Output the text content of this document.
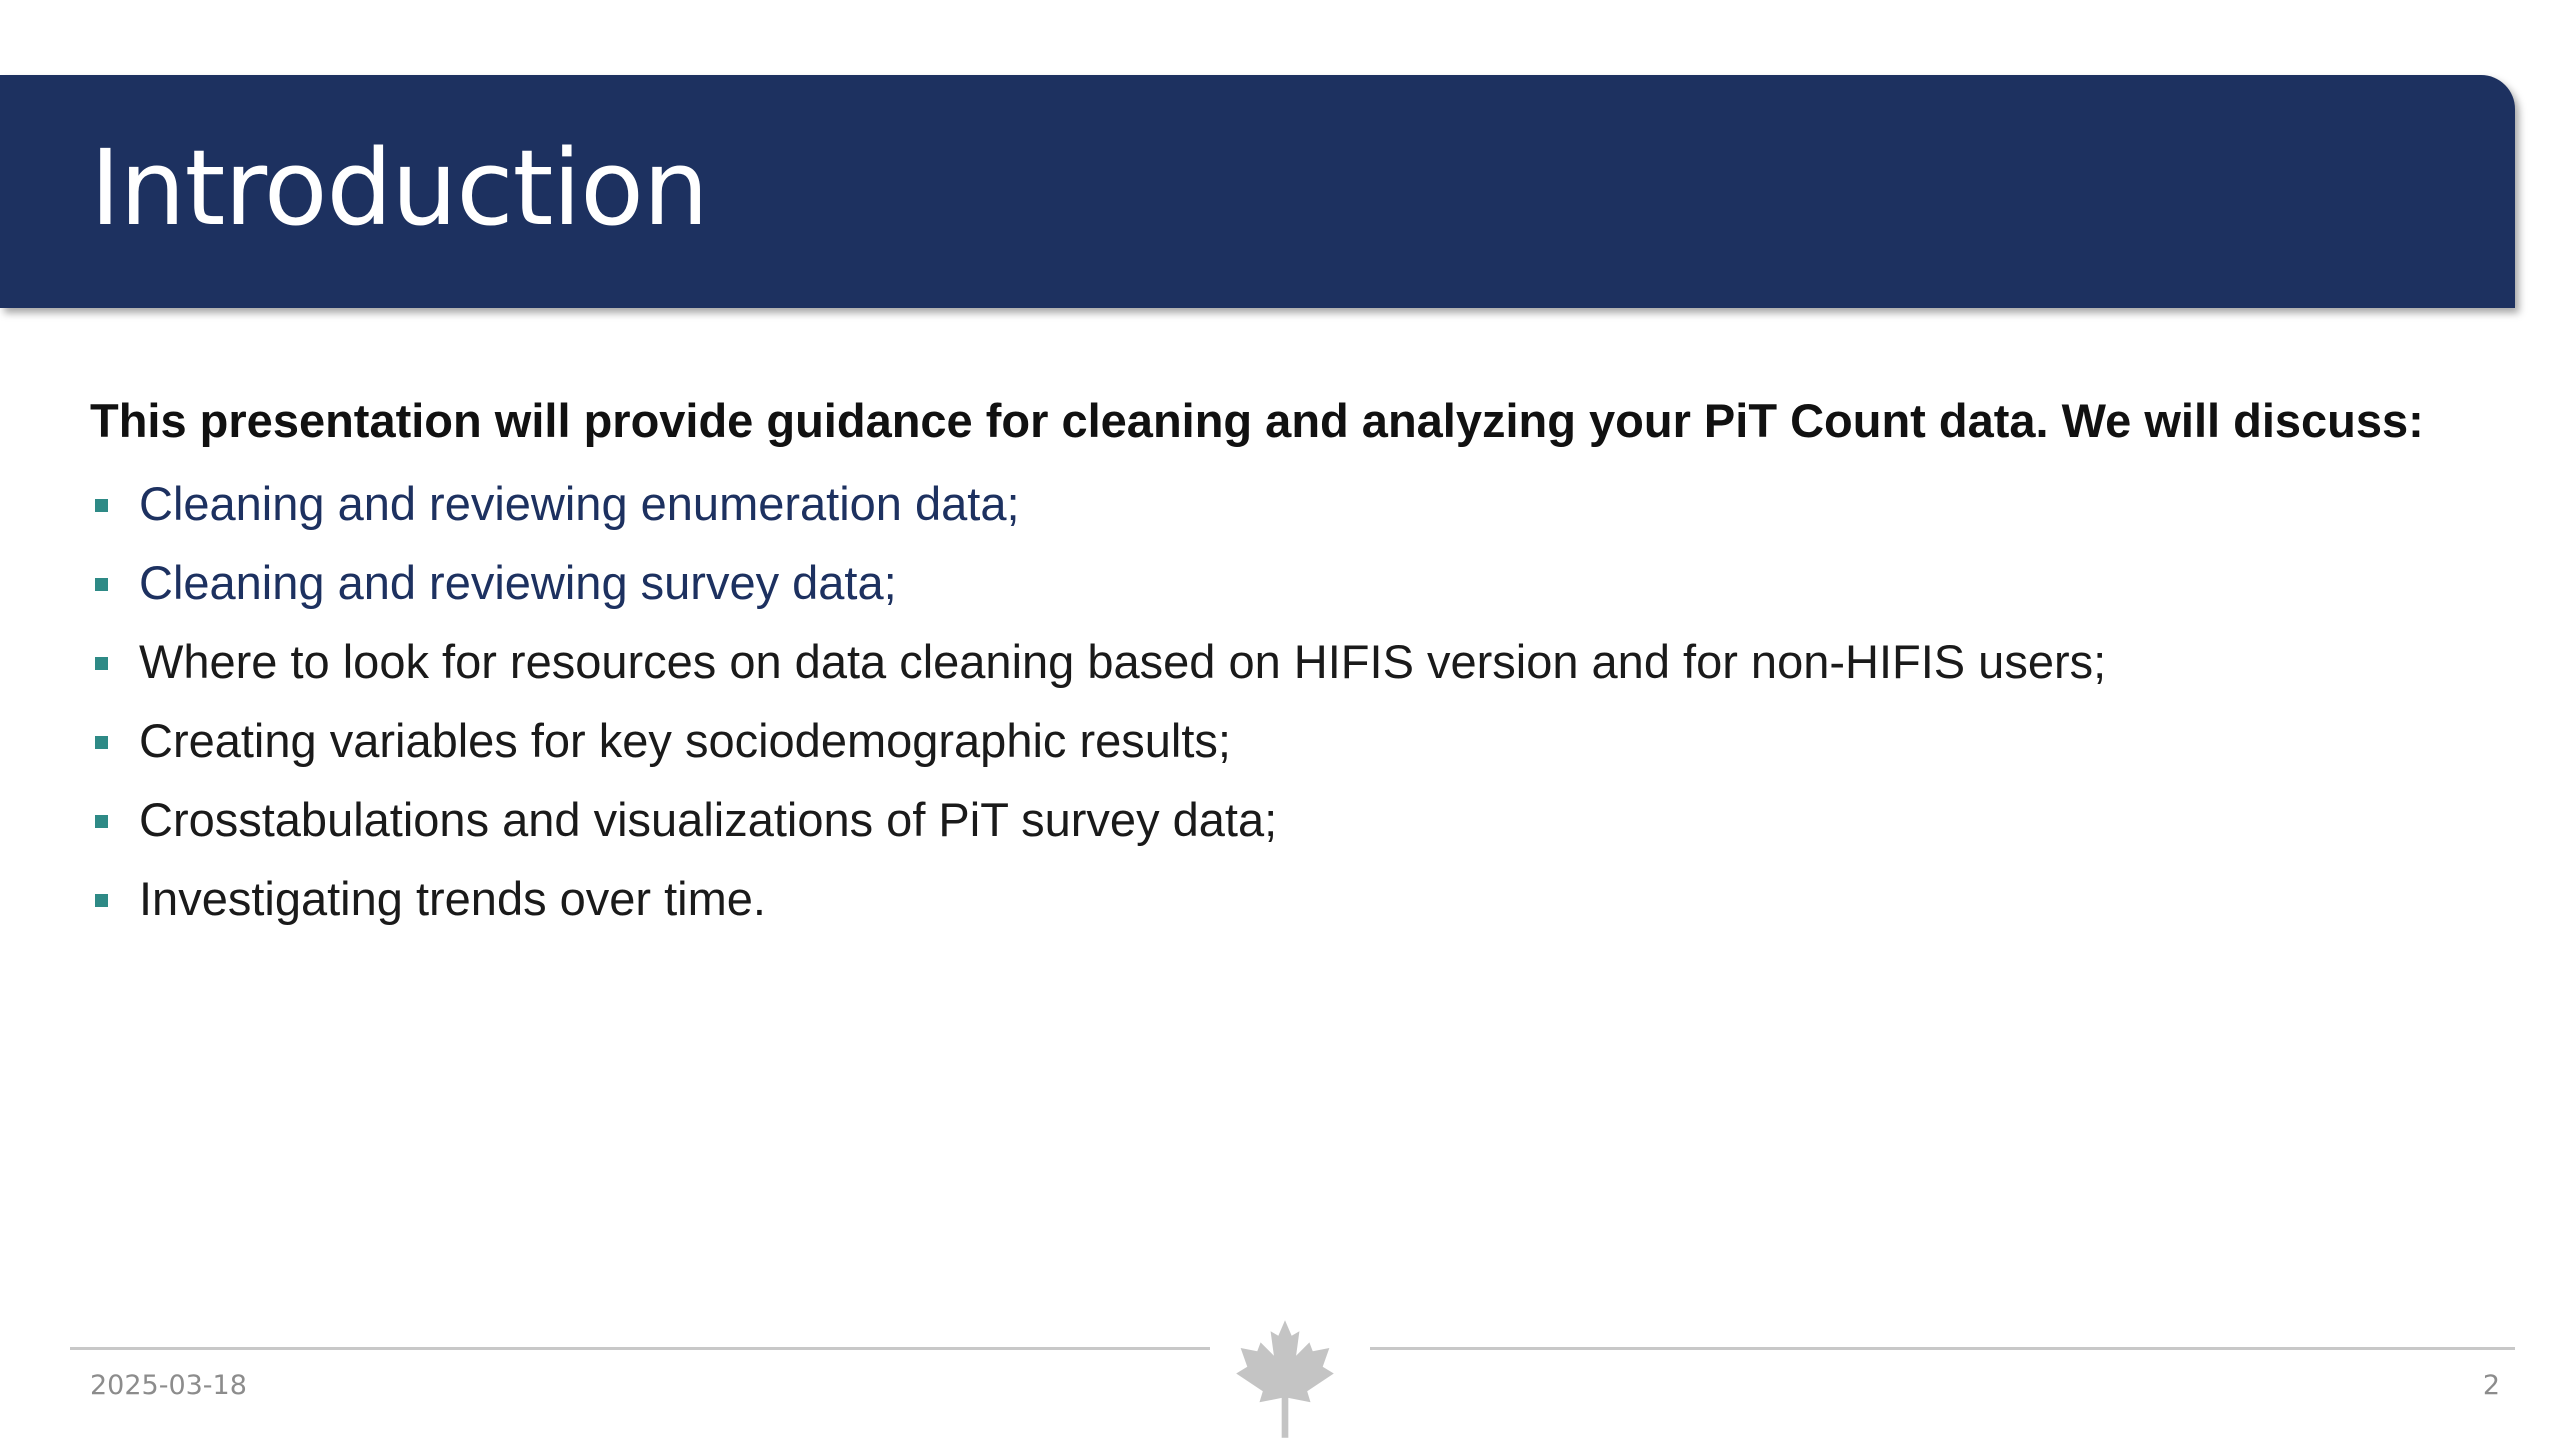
Introduction

This presentation will provide guidance for cleaning and analyzing your PiT Count data. We will discuss:

Cleaning and reviewing enumeration data;
Cleaning and reviewing survey data;
Where to look for resources on data cleaning based on HIFIS version and for non-HIFIS users;
Creating variables for key sociodemographic results;
Crosstabulations and visualizations of PiT survey data;
Investigating trends over time.
2025-03-18	2
